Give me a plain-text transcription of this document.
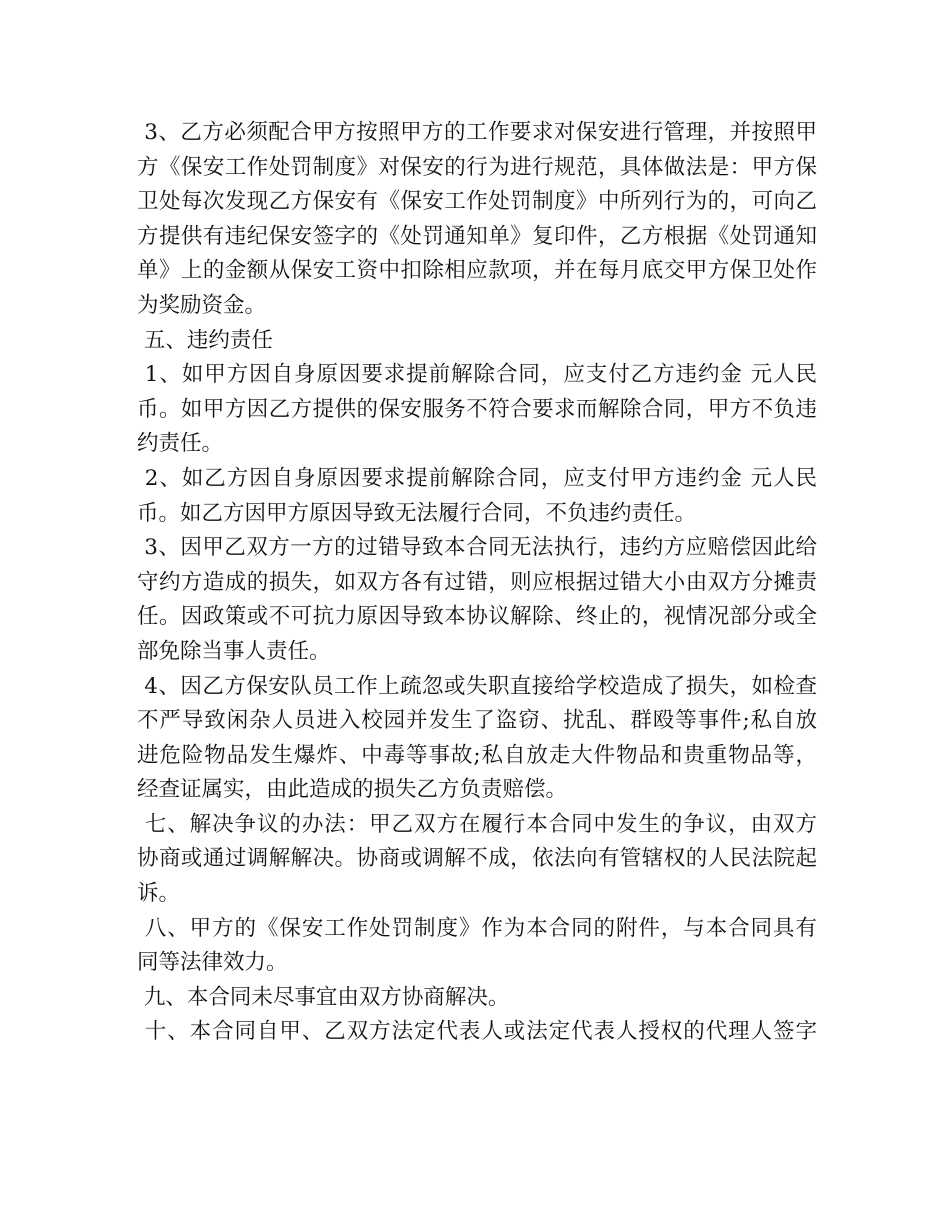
3、乙方必须配合甲方按照甲方的工作要求对保安进行管理，并按照甲
方《保安工作处罚制度》对保安的行为进行规范，具体做法是：甲方保
卫处每次发现乙方保安有《保安工作处罚制度》中所列行为的，可向乙
方提供有违纪保安签字的《处罚通知单》复印件，乙方根据《处罚通知
单》上的金额从保安工资中扣除相应款项，并在每月底交甲方保卫处作
为奖励资金。
五、违约责任
1、如甲方因自身原因要求提前解除合同，应支付乙方违约金 元人民
币。如甲方因乙方提供的保安服务不符合要求而解除合同，甲方不负违
约责任。
2、如乙方因自身原因要求提前解除合同，应支付甲方违约金 元人民
币。如乙方因甲方原因导致无法履行合同，不负违约责任。
3、因甲乙双方一方的过错导致本合同无法执行，违约方应赔偿因此给
守约方造成的损失，如双方各有过错，则应根据过错大小由双方分摊责
任。因政策或不可抗力原因导致本协议解除、终止的，视情况部分或全
部免除当事人责任。
4、因乙方保安队员工作上疏忽或失职直接给学校造成了损失，如检查
不严导致闲杂人员进入校园并发生了盗窃、扰乱、群殴等事件;私自放
进危险物品发生爆炸、中毒等事故;私自放走大件物品和贵重物品等，
经查证属实，由此造成的损失乙方负责赔偿。
七、解决争议的办法：甲乙双方在履行本合同中发生的争议，由双方
协商或通过调解解决。协商或调解不成，依法向有管辖权的人民法院起
诉。
八、甲方的《保安工作处罚制度》作为本合同的附件，与本合同具有
同等法律效力。
九、本合同未尽事宜由双方协商解决。
十、本合同自甲、乙双方法定代表人或法定代表人授权的代理人签字
